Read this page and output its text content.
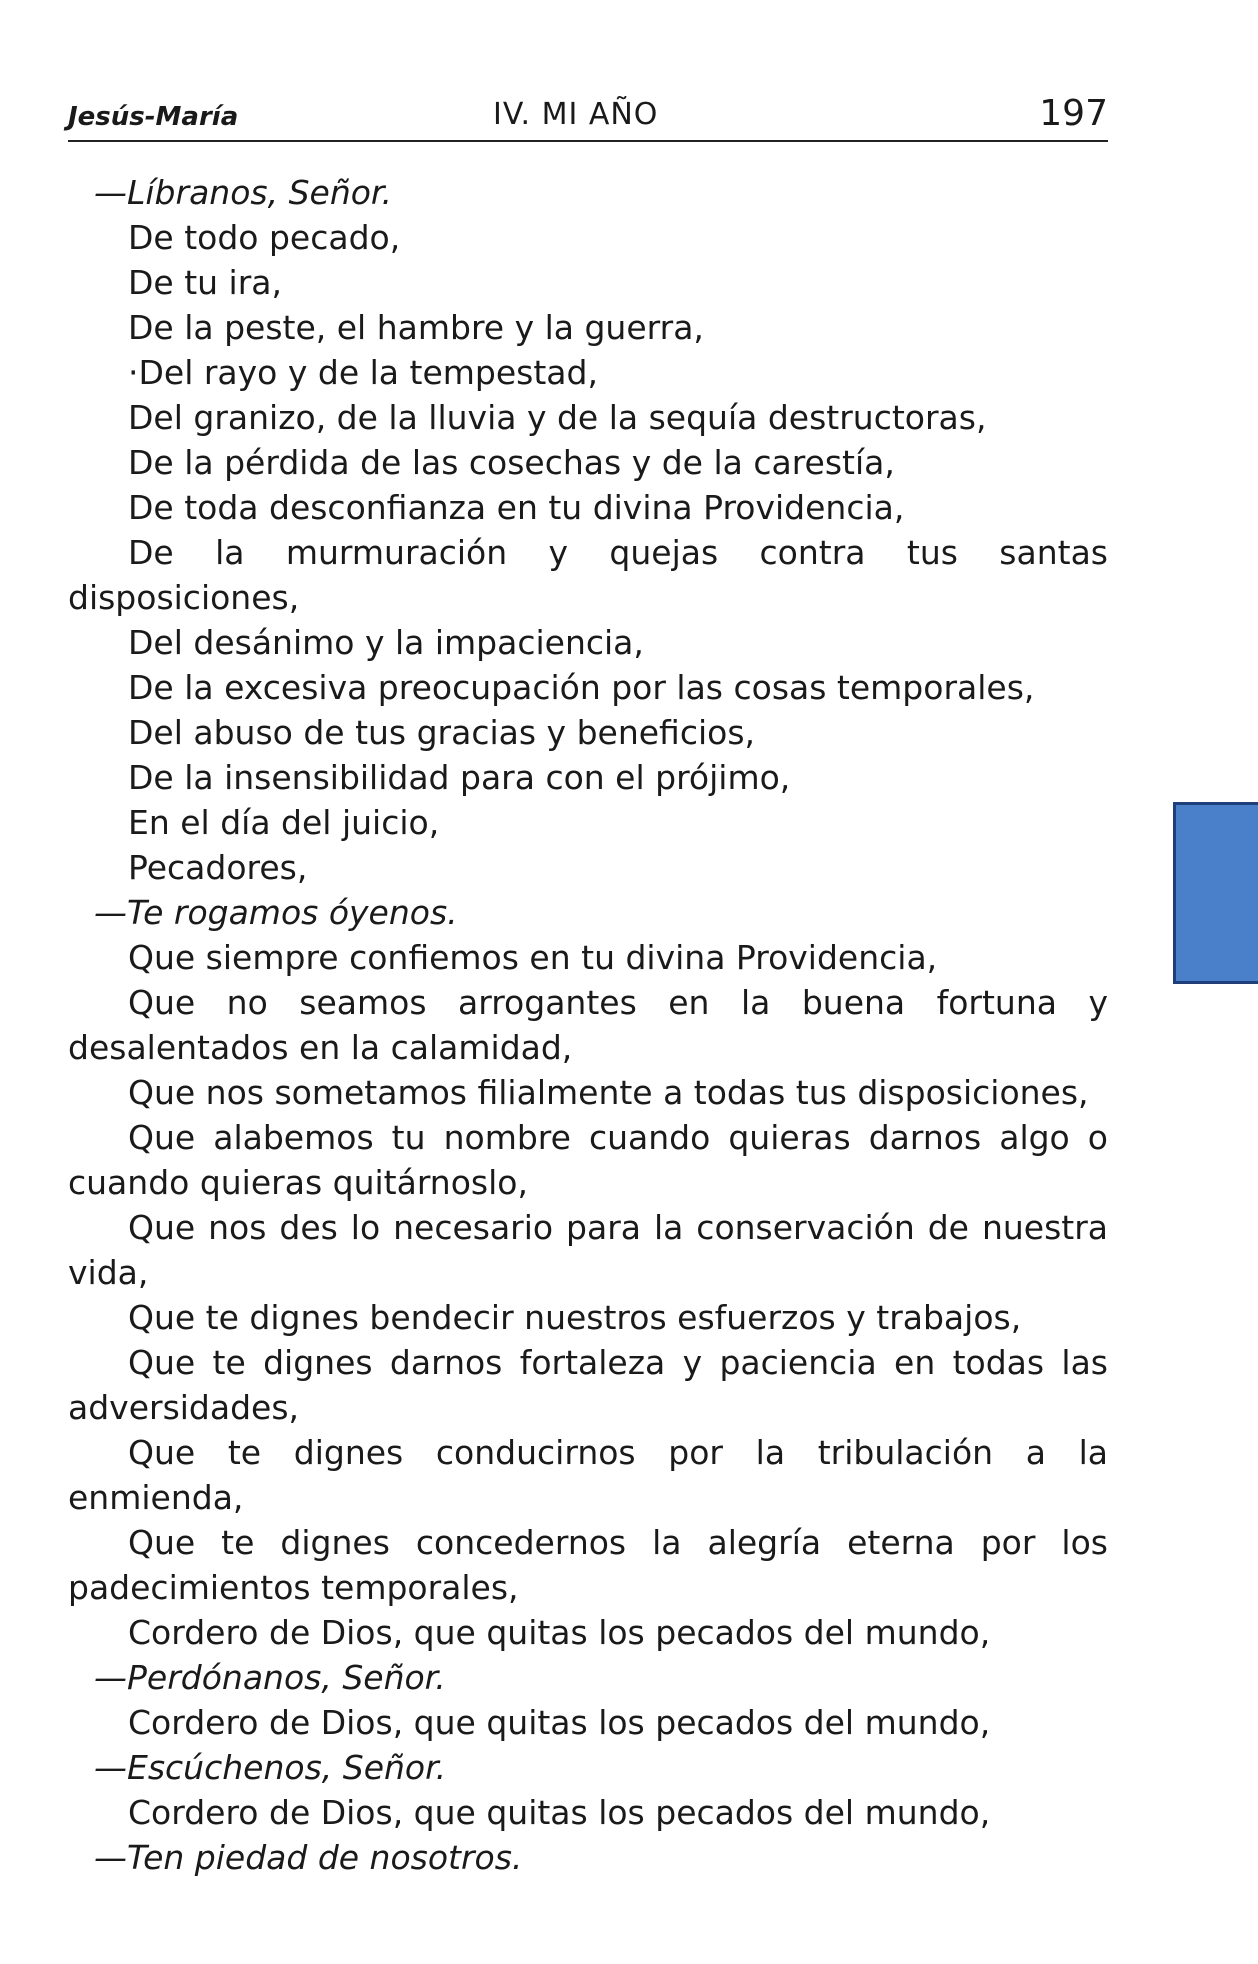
Jesús-María	IV. MI AÑO	197

—Líbranos, Señor.

De todo pecado,

De tu ira,

De la peste, el hambre y la guerra,

·Del rayo y de la tempestad,

Del granizo, de la lluvia y de la sequía destructoras,

De la pérdida de las cosechas y de la carestía,

De toda desconfianza en tu divina Providencia,

De la murmuración y quejas contra tus santas disposiciones,

Del desánimo y la impaciencia,

De la excesiva preocupación por las cosas temporales,

Del abuso de tus gracias y beneficios,

De la insensibilidad para con el prójimo,

En el día del juicio,

Pecadores,

—Te rogamos óyenos.

Que siempre confiemos en tu divina Providencia,

Que no seamos arrogantes en la buena fortuna y desalentados en la calamidad,

Que nos sometamos filialmente a todas tus disposiciones,

Que alabemos tu nombre cuando quieras darnos algo o cuando quieras quitárnoslo,

Que nos des lo necesario para la conservación de nuestra vida,

Que te dignes bendecir nuestros esfuerzos y trabajos,

Que te dignes darnos fortaleza y paciencia en todas las adversidades,

Que te dignes conducirnos por la tribulación a la enmienda,

Que te dignes concedernos la alegría eterna por los padecimientos temporales,

Cordero de Dios, que quitas los pecados del mundo,

—Perdónanos, Señor.

Cordero de Dios, que quitas los pecados del mundo,

—Escúchenos, Señor.

Cordero de Dios, que quitas los pecados del mundo,

—Ten piedad de nosotros.
